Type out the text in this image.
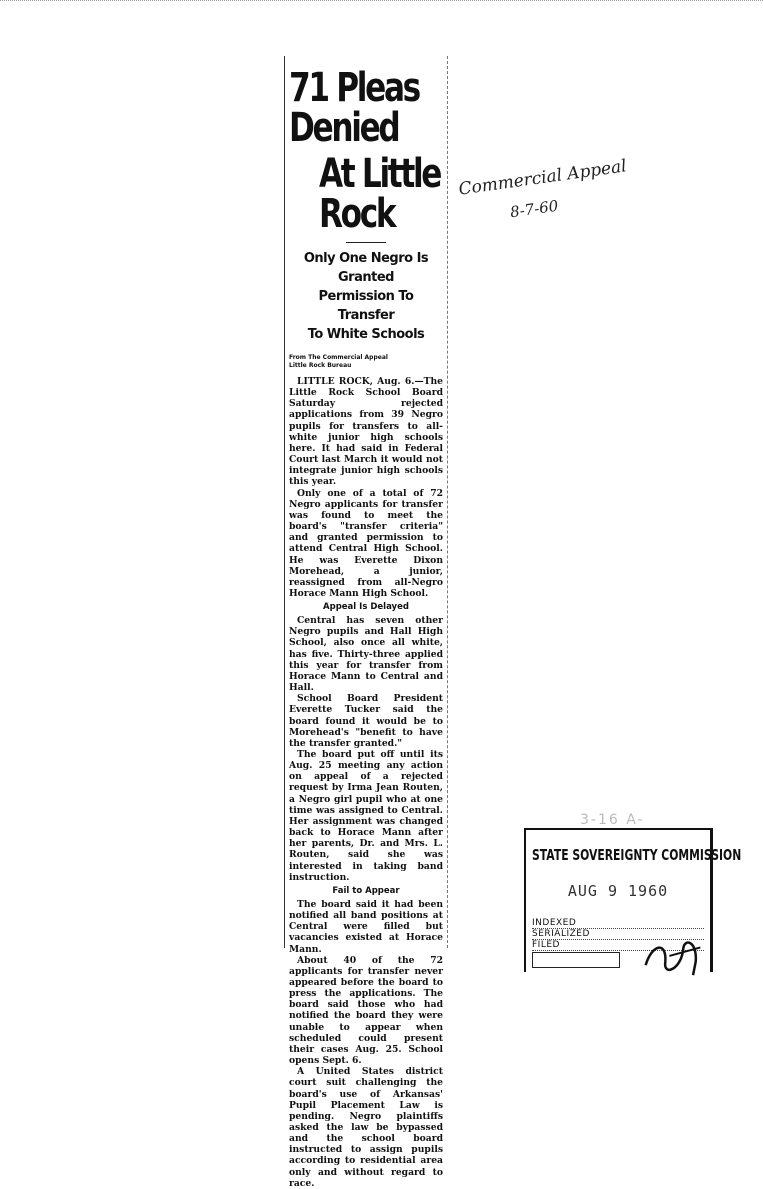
71 Pleas Denied
At Little Rock
Only One Negro Is Granted
Permission To Transfer
To White Schools
From The Commercial Appeal
Little Rock Bureau

LITTLE ROCK, Aug. 6.—The Little Rock School Board Saturday rejected applications from 39 Negro pupils for transfers to all-white junior high schools here. It had said in Federal Court last March it would not integrate junior high schools this year.

Only one of a total of 72 Negro applicants for transfer was found to meet the board's "transfer criteria" and granted permission to attend Central High School. He was Everette Dixon Morehead, a junior, reassigned from all-Negro Horace Mann High School.

Appeal Is Delayed

Central has seven other Negro pupils and Hall High School, also once all white, has five. Thirty-three applied this year for transfer from Horace Mann to Central and Hall.

School Board President Everette Tucker said the board found it would be to Morehead's "benefit to have the transfer granted."

The board put off until its Aug. 25 meeting any action on appeal of a rejected request by Irma Jean Routen, a Negro girl pupil who at one time was assigned to Central. Her assignment was changed back to Horace Mann after her parents, Dr. and Mrs. L. Routen, said she was interested in taking band instruction.

Fail to Appear

The board said it had been notified all band positions at Central were filled but vacancies existed at Horace Mann.

About 40 of the 72 applicants for transfer never appeared before the board to press the applications. The board said those who had notified the board they were unable to appear when scheduled could present their cases Aug. 25. School opens Sept. 6.

A United States district court suit challenging the board's use of Arkansas' Pupil Placement Law is pending. Negro plaintiffs asked the law be bypassed and the school board instructed to assign pupils according to residential area only and without regard to race.

Commercial Appeal
8-7-60
3-16 A-
STATE SOVEREIGNTY COMMISSION
AUG 9 1960
INDEXED
SERIALIZED
FILED
